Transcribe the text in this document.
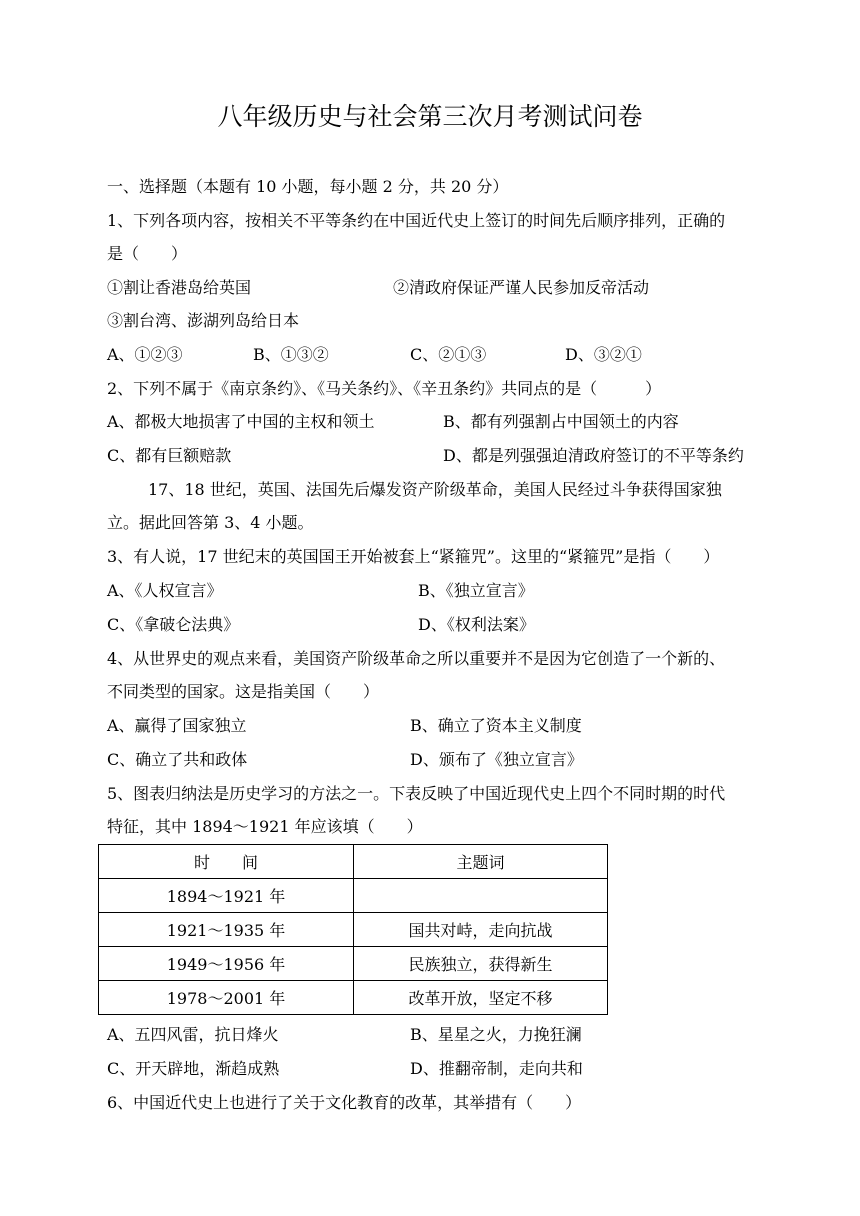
八年级历史与社会第三次月考测试问卷
一、选择题（本题有 10 小题，每小题 2 分，共 20 分）
1、下列各项内容，按相关不平等条约在中国近代史上签订的时间先后顺序排列，正确的
是（　　）
①割让香港岛给英国	②清政府保证严谨人民参加反帝活动
③割台湾、澎湖列岛给日本
A、①②③	B、①③②	C、②①③	D、③②①
2、下列不属于《南京条约》、《马关条约》、《辛丑条约》共同点的是（　　　）
A、都极大地损害了中国的主权和领土	B、都有列强割占中国领土的内容
C、都有巨额赔款	D、都是列强强迫清政府签订的不平等条约
17、18 世纪，英国、法国先后爆发资产阶级革命，美国人民经过斗争获得国家独
立。据此回答第 3、4 小题。
3、有人说，17 世纪末的英国国王开始被套上“紧箍咒”。这里的“紧箍咒”是指（　　）
A、《人权宣言》	B、《独立宣言》
C、《拿破仑法典》	D、《权利法案》
4、从世界史的观点来看，美国资产阶级革命之所以重要并不是因为它创造了一个新的、
不同类型的国家。这是指美国（　　）
A、赢得了国家独立	B、确立了资本主义制度
C、确立了共和政体	D、颁布了《独立宣言》
5、图表归纳法是历史学习的方法之一。下表反映了中国近现代史上四个不同时期的时代
特征，其中 1894～1921 年应该填（　　）
时　　间	主题词
1894～1921 年	
1921～1935 年	国共对峙，走向抗战
1949～1956 年	民族独立，获得新生
1978～2001 年	改革开放，坚定不移
A、五四风雷，抗日烽火	B、星星之火，力挽狂澜
C、开天辟地，渐趋成熟	D、推翻帝制，走向共和
6、中国近代史上也进行了关于文化教育的改革，其举措有（　　）
